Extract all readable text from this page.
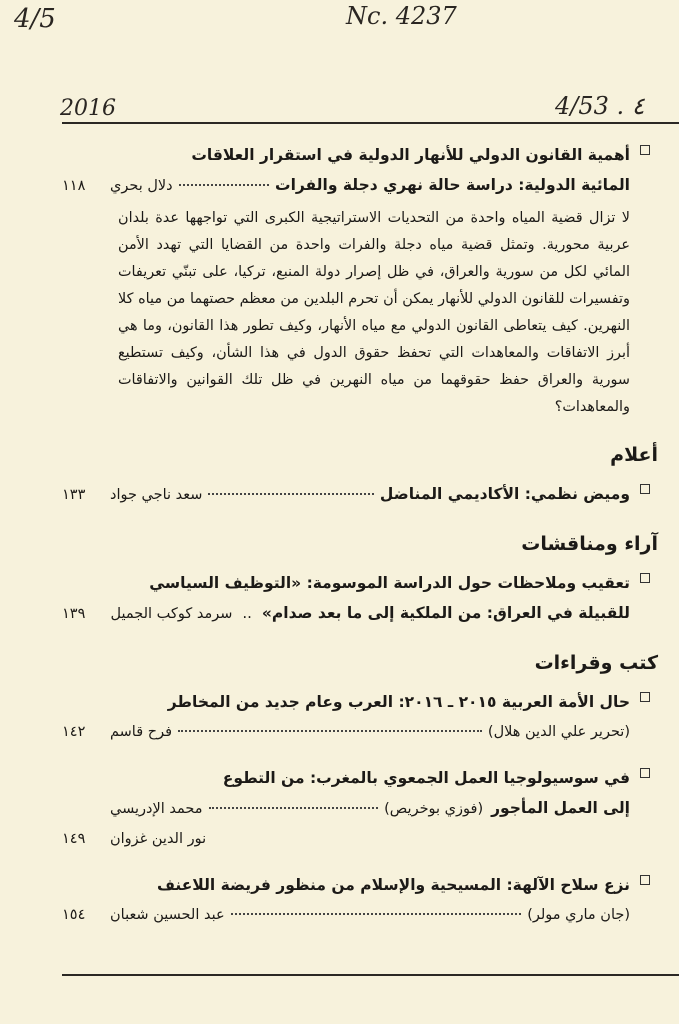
4/5	Nc. 4237
2016	4/53 . ٤
أهمية القانون الدولي للأنهار الدولية في استقرار العلاقات
المائية الدولية: دراسة حالة نهري دجلة والفرات
دلال بحري
١١٨
لا تزال قضية المياه واحدة من التحديات الاستراتيجية الكبرى التي تواجهها عدة بلدان عربية محورية. وتمثل قضية مياه دجلة والفرات واحدة من القضايا التي تهدد الأمن المائي لكل من سورية والعراق، في ظل إصرار دولة المنبع، تركيا، على تبنّي تعريفات وتفسيرات للقانون الدولي للأنهار يمكن أن تحرم البلدين من معظم حصتهما من مياه كلا النهرين. كيف يتعاطى القانون الدولي مع مياه الأنهار، وكيف تطور هذا القانون، وما هي أبرز الاتفاقات والمعاهدات التي تحفظ حقوق الدول في هذا الشأن، وكيف تستطيع سورية والعراق حفظ حقوقهما من مياه النهرين في ظل تلك القوانين والاتفاقات والمعاهدات؟
أعلام
وميض نظمي: الأكاديمي المناضل
سعد ناجي جواد
١٣٣
آراء ومناقشات
تعقيب وملاحظات حول الدراسة الموسومة: «التوظيف السياسي
للقبيلة في العراق: من الملكية إلى ما بعد صدام»
..
سرمد كوكب الجميل
١٣٩
كتب وقراءات
حال الأمة العربية ٢٠١٥ ـ ٢٠١٦: العرب وعام جديد من المخاطر
(تحرير علي الدين هلال)
فرح قاسم
١٤٢
في سوسيولوجيا العمل الجمعوي بالمغرب: من التطوع
إلى العمل المأجور
(فوزي بوخريص)
محمد الإدريسي
نور الدين غزوان
١٤٩
نزع سلاح الآلهة: المسيحية والإسلام من منظور فريضة اللاعنف
(جان ماري مولر)
عبد الحسين شعبان
١٥٤
